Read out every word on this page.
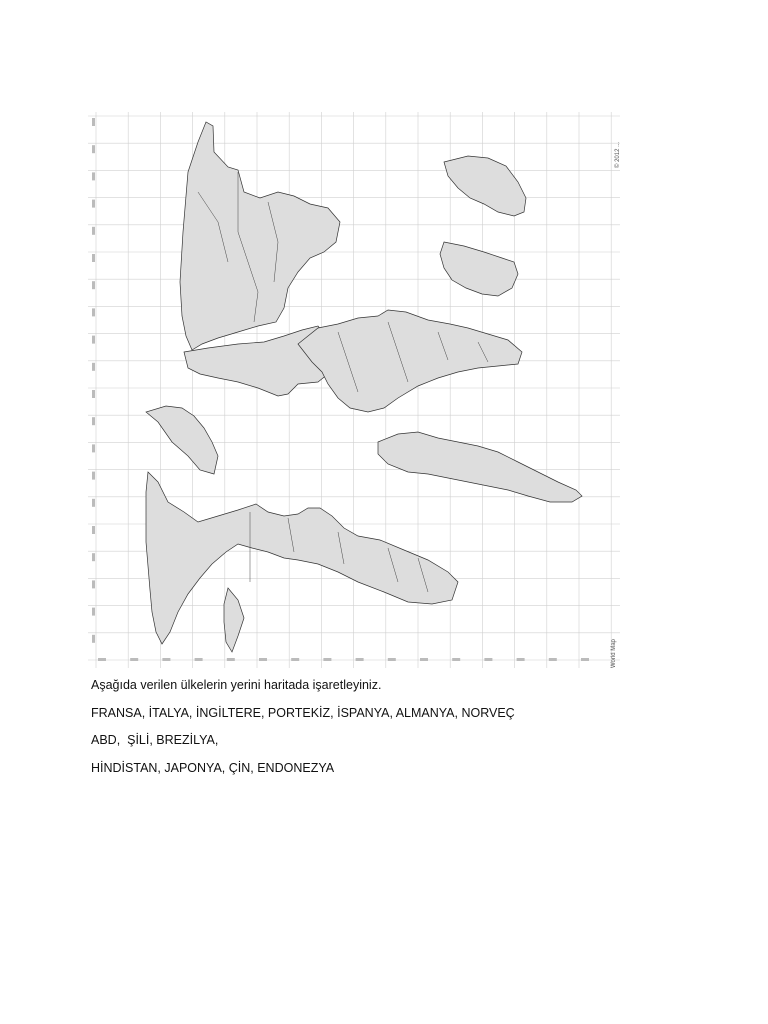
© 2012 ...
World Map
Aşağıda verilen ülkelerin yerini haritada işaretleyiniz.
FRANSA, İTALYA, İNGİLTERE, PORTEKİZ, İSPANYA, ALMANYA, NORVEÇ
ABD,  ŞİLİ, BREZİLYA,
HİNDİSTAN, JAPONYA, ÇİN, ENDONEZYA
